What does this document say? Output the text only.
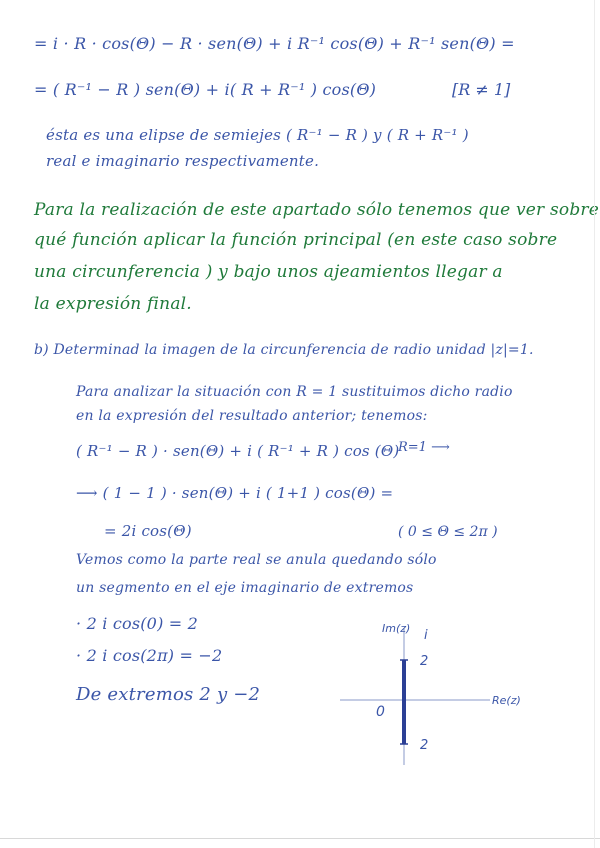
= i · R · cos(Θ) − R · sen(Θ) + i R⁻¹ cos(Θ) + R⁻¹ sen(Θ) =
= ( R⁻¹ − R ) sen(Θ) + i( R + R⁻¹ ) cos(Θ)	[R ≠ 1]
ésta es una elipse de semiejes ( R⁻¹ − R ) y ( R + R⁻¹ )
real e imaginario respectivamente.
Para la realización de este apartado sólo tenemos que ver sobre
qué función aplicar la función principal (en este caso sobre
una circunferencia ) y bajo unos ajeamientos llegar a
la expresión final.
b) Determinad la imagen de la circunferencia de radio unidad |z|=1.
Para analizar la situación con R = 1 sustituimos dicho radio
en la expresión del resultado anterior; tenemos:
( R⁻¹ − R ) · sen(Θ) + i ( R⁻¹ + R ) cos (Θ)
R=1 ⟶
⟶ ( 1 − 1 ) · sen(Θ) + i ( 1+1 ) cos(Θ) =
= 2i cos(Θ)	( 0 ≤ Θ ≤ 2π )
Vemos como la parte real se anula quedando sólo
un segmento en el eje imaginario de extremos
· 2 i cos(0) = 2
· 2 i cos(2π) = −2
De extremos 2 y −2
Im(z) i
2
0
Re(z)
2
